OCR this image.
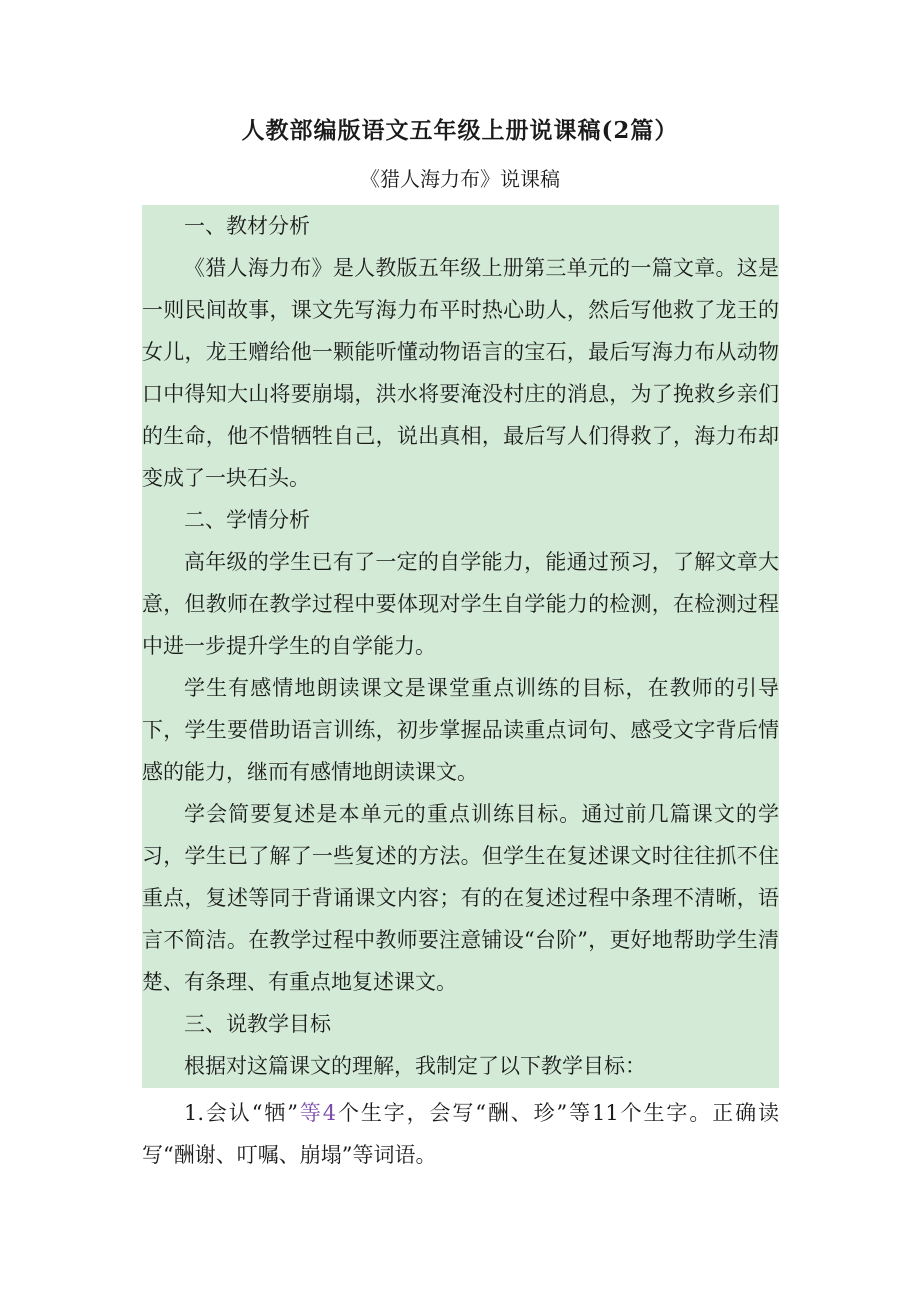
人教部编版语文五年级上册说课稿(2篇）
《猎人海力布》说课稿

一、教材分析

《猎人海力布》是人教版五年级上册第三单元的一篇文章。这是一则民间故事，课文先写海力布平时热心助人，然后写他救了龙王的女儿，龙王赠给他一颗能听懂动物语言的宝石，最后写海力布从动物口中得知大山将要崩塌，洪水将要淹没村庄的消息，为了挽救乡亲们的生命，他不惜牺牲自己，说出真相，最后写人们得救了，海力布却变成了一块石头。

二、学情分析

高年级的学生已有了一定的自学能力，能通过预习，了解文章大意，但教师在教学过程中要体现对学生自学能力的检测，在检测过程中进一步提升学生的自学能力。

学生有感情地朗读课文是课堂重点训练的目标，在教师的引导下，学生要借助语言训练，初步掌握品读重点词句、感受文字背后情感的能力，继而有感情地朗读课文。

学会简要复述是本单元的重点训练目标。通过前几篇课文的学习，学生已了解了一些复述的方法。但学生在复述课文时往往抓不住重点，复述等同于背诵课文内容；有的在复述过程中条理不清晰，语言不简洁。在教学过程中教师要注意铺设“台阶”，更好地帮助学生清楚、有条理、有重点地复述课文。

三、说教学目标

根据对这篇课文的理解，我制定了以下教学目标：

1.会认“牺”等4个生字，会写“酬、珍”等11个生字。正确读写“酬谢、叮嘱、崩塌”等词语。
